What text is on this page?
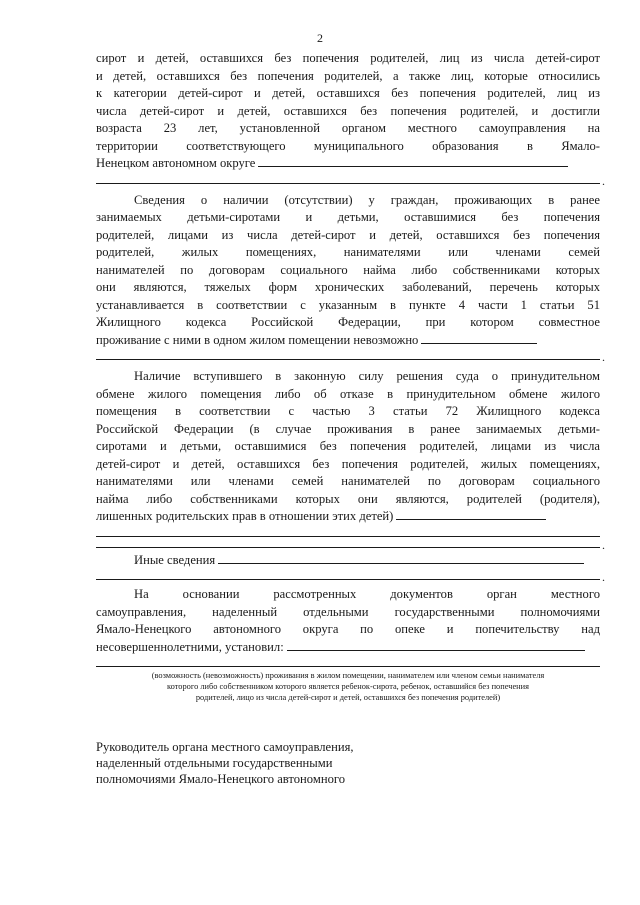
2
сирот и детей, оставшихся без попечения родителей, лиц из числа детей-сирот
и детей, оставшихся без попечения родителей, а также лиц, которые относились
к категории детей-сирот и детей, оставшихся без попечения родителей, лиц из
числа детей-сирот и детей, оставшихся без попечения родителей, и достигли
возраста 23 лет, установленной органом местного самоуправления на
территории соответствующего муниципального образования в Ямало-
Ненецком автономном округе
.
Сведения о наличии (отсутствии) у граждан, проживающих в ранее
занимаемых детьми-сиротами и детьми, оставшимися без попечения
родителей, лицами из числа детей-сирот и детей, оставшихся без попечения
родителей, жилых помещениях, нанимателями или членами семей
нанимателей по договорам социального найма либо собственниками которых
они являются, тяжелых форм хронических заболеваний, перечень которых
устанавливается в соответствии с указанным в пункте 4 части 1 статьи 51
Жилищного кодекса Российской Федерации, при котором совместное
проживание с ними в одном жилом помещении невозможно
.
Наличие вступившего в законную силу решения суда о принудительном
обмене жилого помещения либо об отказе в принудительном обмене жилого
помещения в соответствии с частью 3 статьи 72 Жилищного кодекса
Российской Федерации (в случае проживания в ранее занимаемых детьми-
сиротами и детьми, оставшимися без попечения родителей, лицами из числа
детей-сирот и детей, оставшихся без попечения родителей, жилых помещениях,
нанимателями или членами семей нанимателей по договорам социального
найма либо собственниками которых они являются, родителей (родителя),
лишенных родительских прав в отношении этих детей)
.
Иные сведения
.
На основании рассмотренных документов орган местного
самоуправления, наделенный отдельными государственными полномочиями
Ямало-Ненецкого автономного округа по опеке и попечительству над
несовершеннолетними, установил:
(возможность (невозможность) проживания в жилом помещении, нанимателем или членом семьи нанимателя
которого либо собственником которого является ребенок-сирота, ребенок, оставшийся без попечения
родителей, лицо из числа детей-сирот и детей, оставшихся без попечения родителей)
Руководитель органа местного самоуправления,
наделенный отдельными государственными
полномочиями Ямало-Ненецкого автономного
